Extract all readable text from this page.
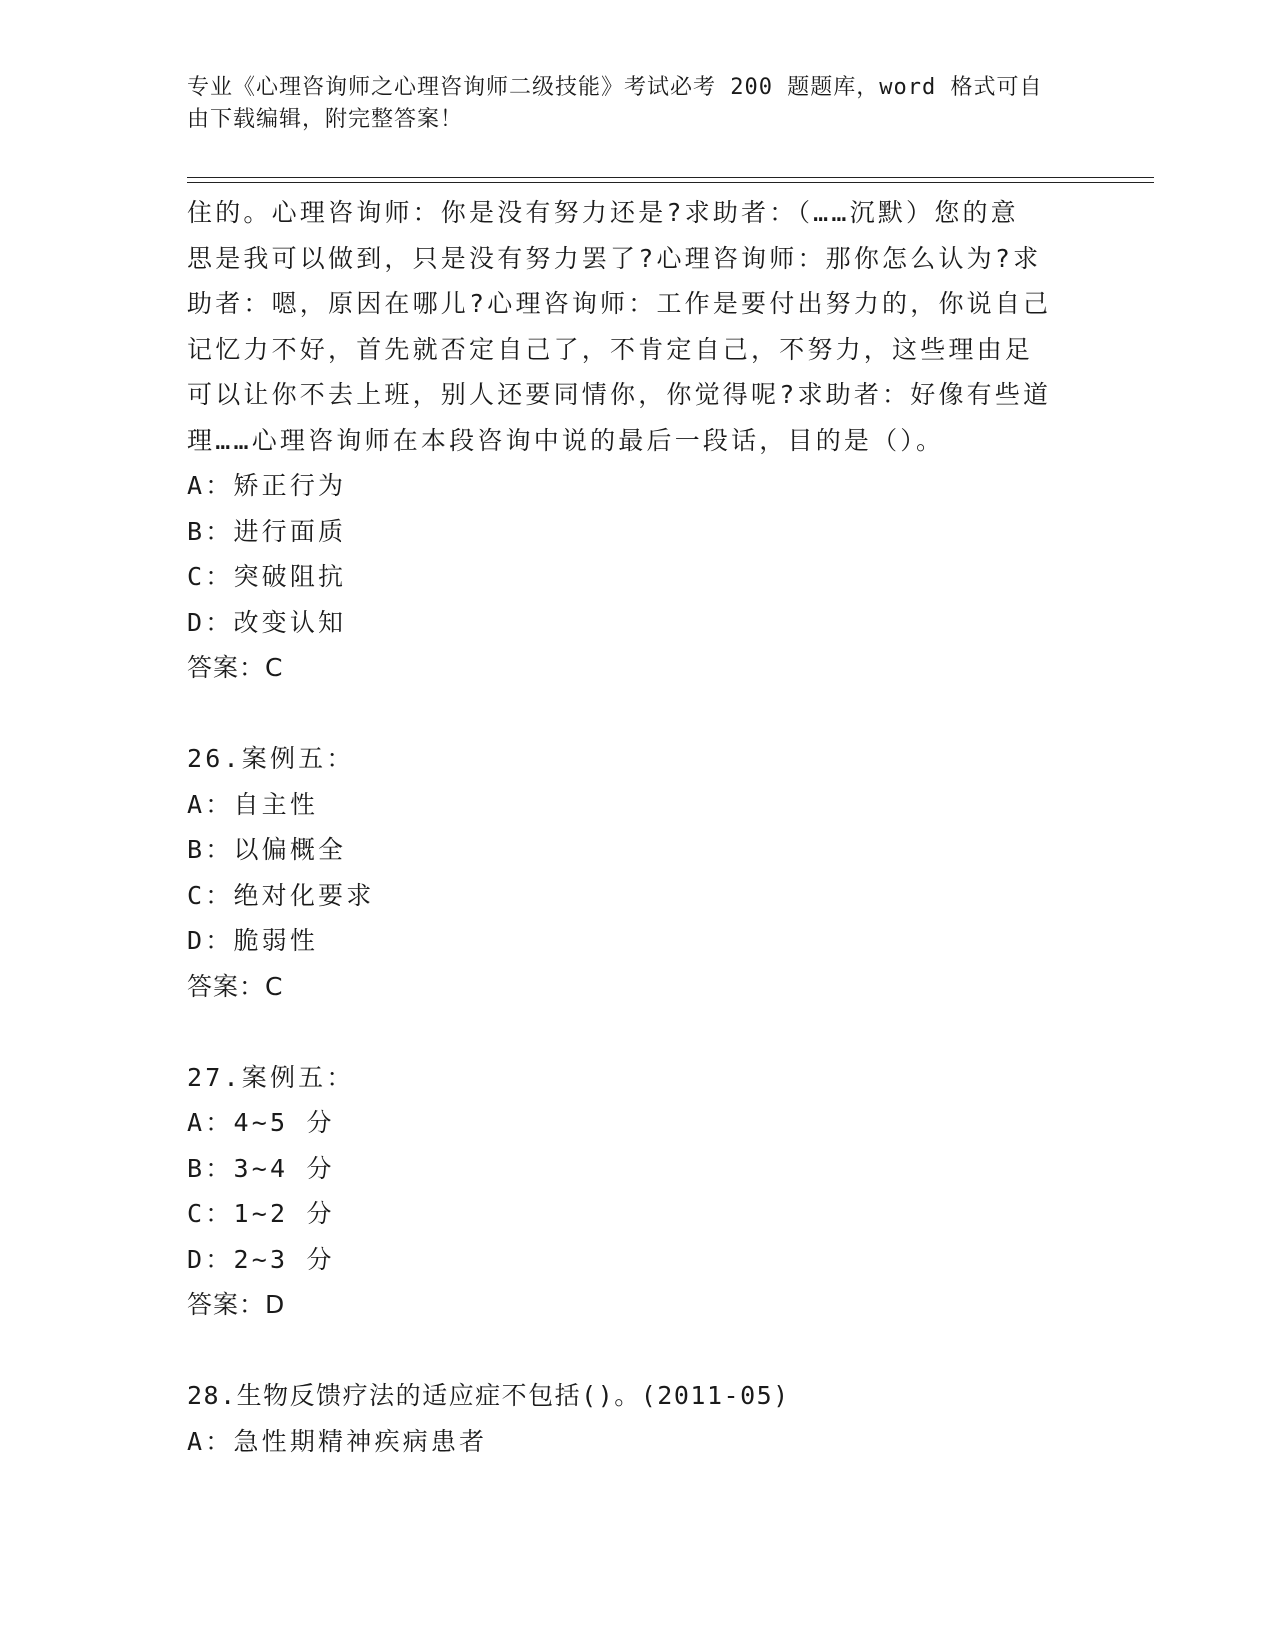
专业《心理咨询师之心理咨询师二级技能》考试必考 200 题题库，word 格式可自
由下载编辑，附完整答案！

住的。心理咨询师：你是没有努力还是?求助者：（……沉默）您的意

思是我可以做到，只是没有努力罢了?心理咨询师：那你怎么认为?求

助者：嗯，原因在哪儿?心理咨询师：工作是要付出努力的，你说自己

记忆力不好，首先就否定自己了，不肯定自己，不努力，这些理由足

可以让你不去上班，别人还要同情你，你觉得呢?求助者：好像有些道

理……心理咨询师在本段咨询中说的最后一段话，目的是（）。

A：矫正行为

B：进行面质

C：突破阻抗

D：改变认知

答案：C

26.案例五：

A：自主性

B：以偏概全

C：绝对化要求

D：脆弱性

答案：C

27.案例五：

A：4~5 分

B：3~4 分

C：1~2 分

D：2~3 分

答案：D

28.生物反馈疗法的适应症不包括()。(2011-05)

A：急性期精神疾病患者
